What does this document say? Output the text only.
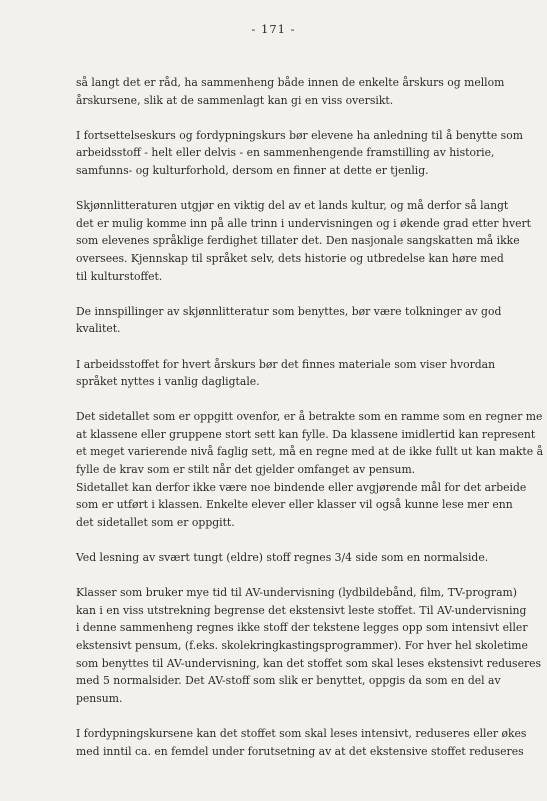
- 171 -
så langt det er råd, ha sammenheng både innen de enkelte årskurs og mellom
årskursene, slik at de sammenlagt kan gi en viss oversikt.
I fortsettelseskurs og fordypningskurs bør elevene ha anledning til å benytte som
arbeidsstoff - helt eller delvis - en sammenhengende framstilling av historie,
samfunns- og kulturforhold, dersom en finner at dette er tjenlig.
Skjønnlitteraturen utgjør en viktig del av et lands kultur, og må derfor så langt
det er mulig komme inn på alle trinn i undervisningen og i økende grad etter hvert
som elevenes språklige ferdighet tillater det. Den nasjonale sangskatten må ikke
oversees. Kjennskap til språket selv, dets historie og utbredelse kan høre med
til kulturstoffet.
De innspillinger av skjønnlitteratur som benyttes, bør være tolkninger av god
kvalitet.
I arbeidsstoffet for hvert årskurs bør det finnes materiale som viser hvordan
språket nyttes i vanlig dagligtale.
Det sidetallet som er oppgitt ovenfor, er å betrakte som en ramme som en regner me
at klassene eller gruppene stort sett kan fylle. Da klassene imidlertid kan represent
et meget varierende nivå faglig sett, må en regne med at de ikke fullt ut kan makte å
fylle de krav som er stilt når det gjelder omfanget av pensum.
Sidetallet kan derfor ikke være noe bindende eller avgjørende mål for det arbeide
som er utført i klassen. Enkelte elever eller klasser vil også kunne lese mer enn
det sidetallet som er oppgitt.
Ved lesning av svært tungt (eldre) stoff regnes 3/4 side som en normalside.
Klasser som bruker mye tid til AV-undervisning (lydbildebånd, film, TV-program)
kan i en viss utstrekning begrense det ekstensivt leste stoffet. Til AV-undervisning
i denne sammenheng regnes ikke stoff der tekstene legges opp som intensivt eller
ekstensivt pensum, (f.eks. skolekringkastingsprogrammer). For hver hel skoletime
som benyttes til AV-undervisning, kan det stoffet som skal leses ekstensivt reduseres
med 5 normalsider. Det AV-stoff som slik er benyttet, oppgis da som en del av
pensum.
I fordypningskursene kan det stoffet som skal leses intensivt, reduseres eller økes
med inntil ca. en femdel under forutsetning av at det ekstensive stoffet reduseres
